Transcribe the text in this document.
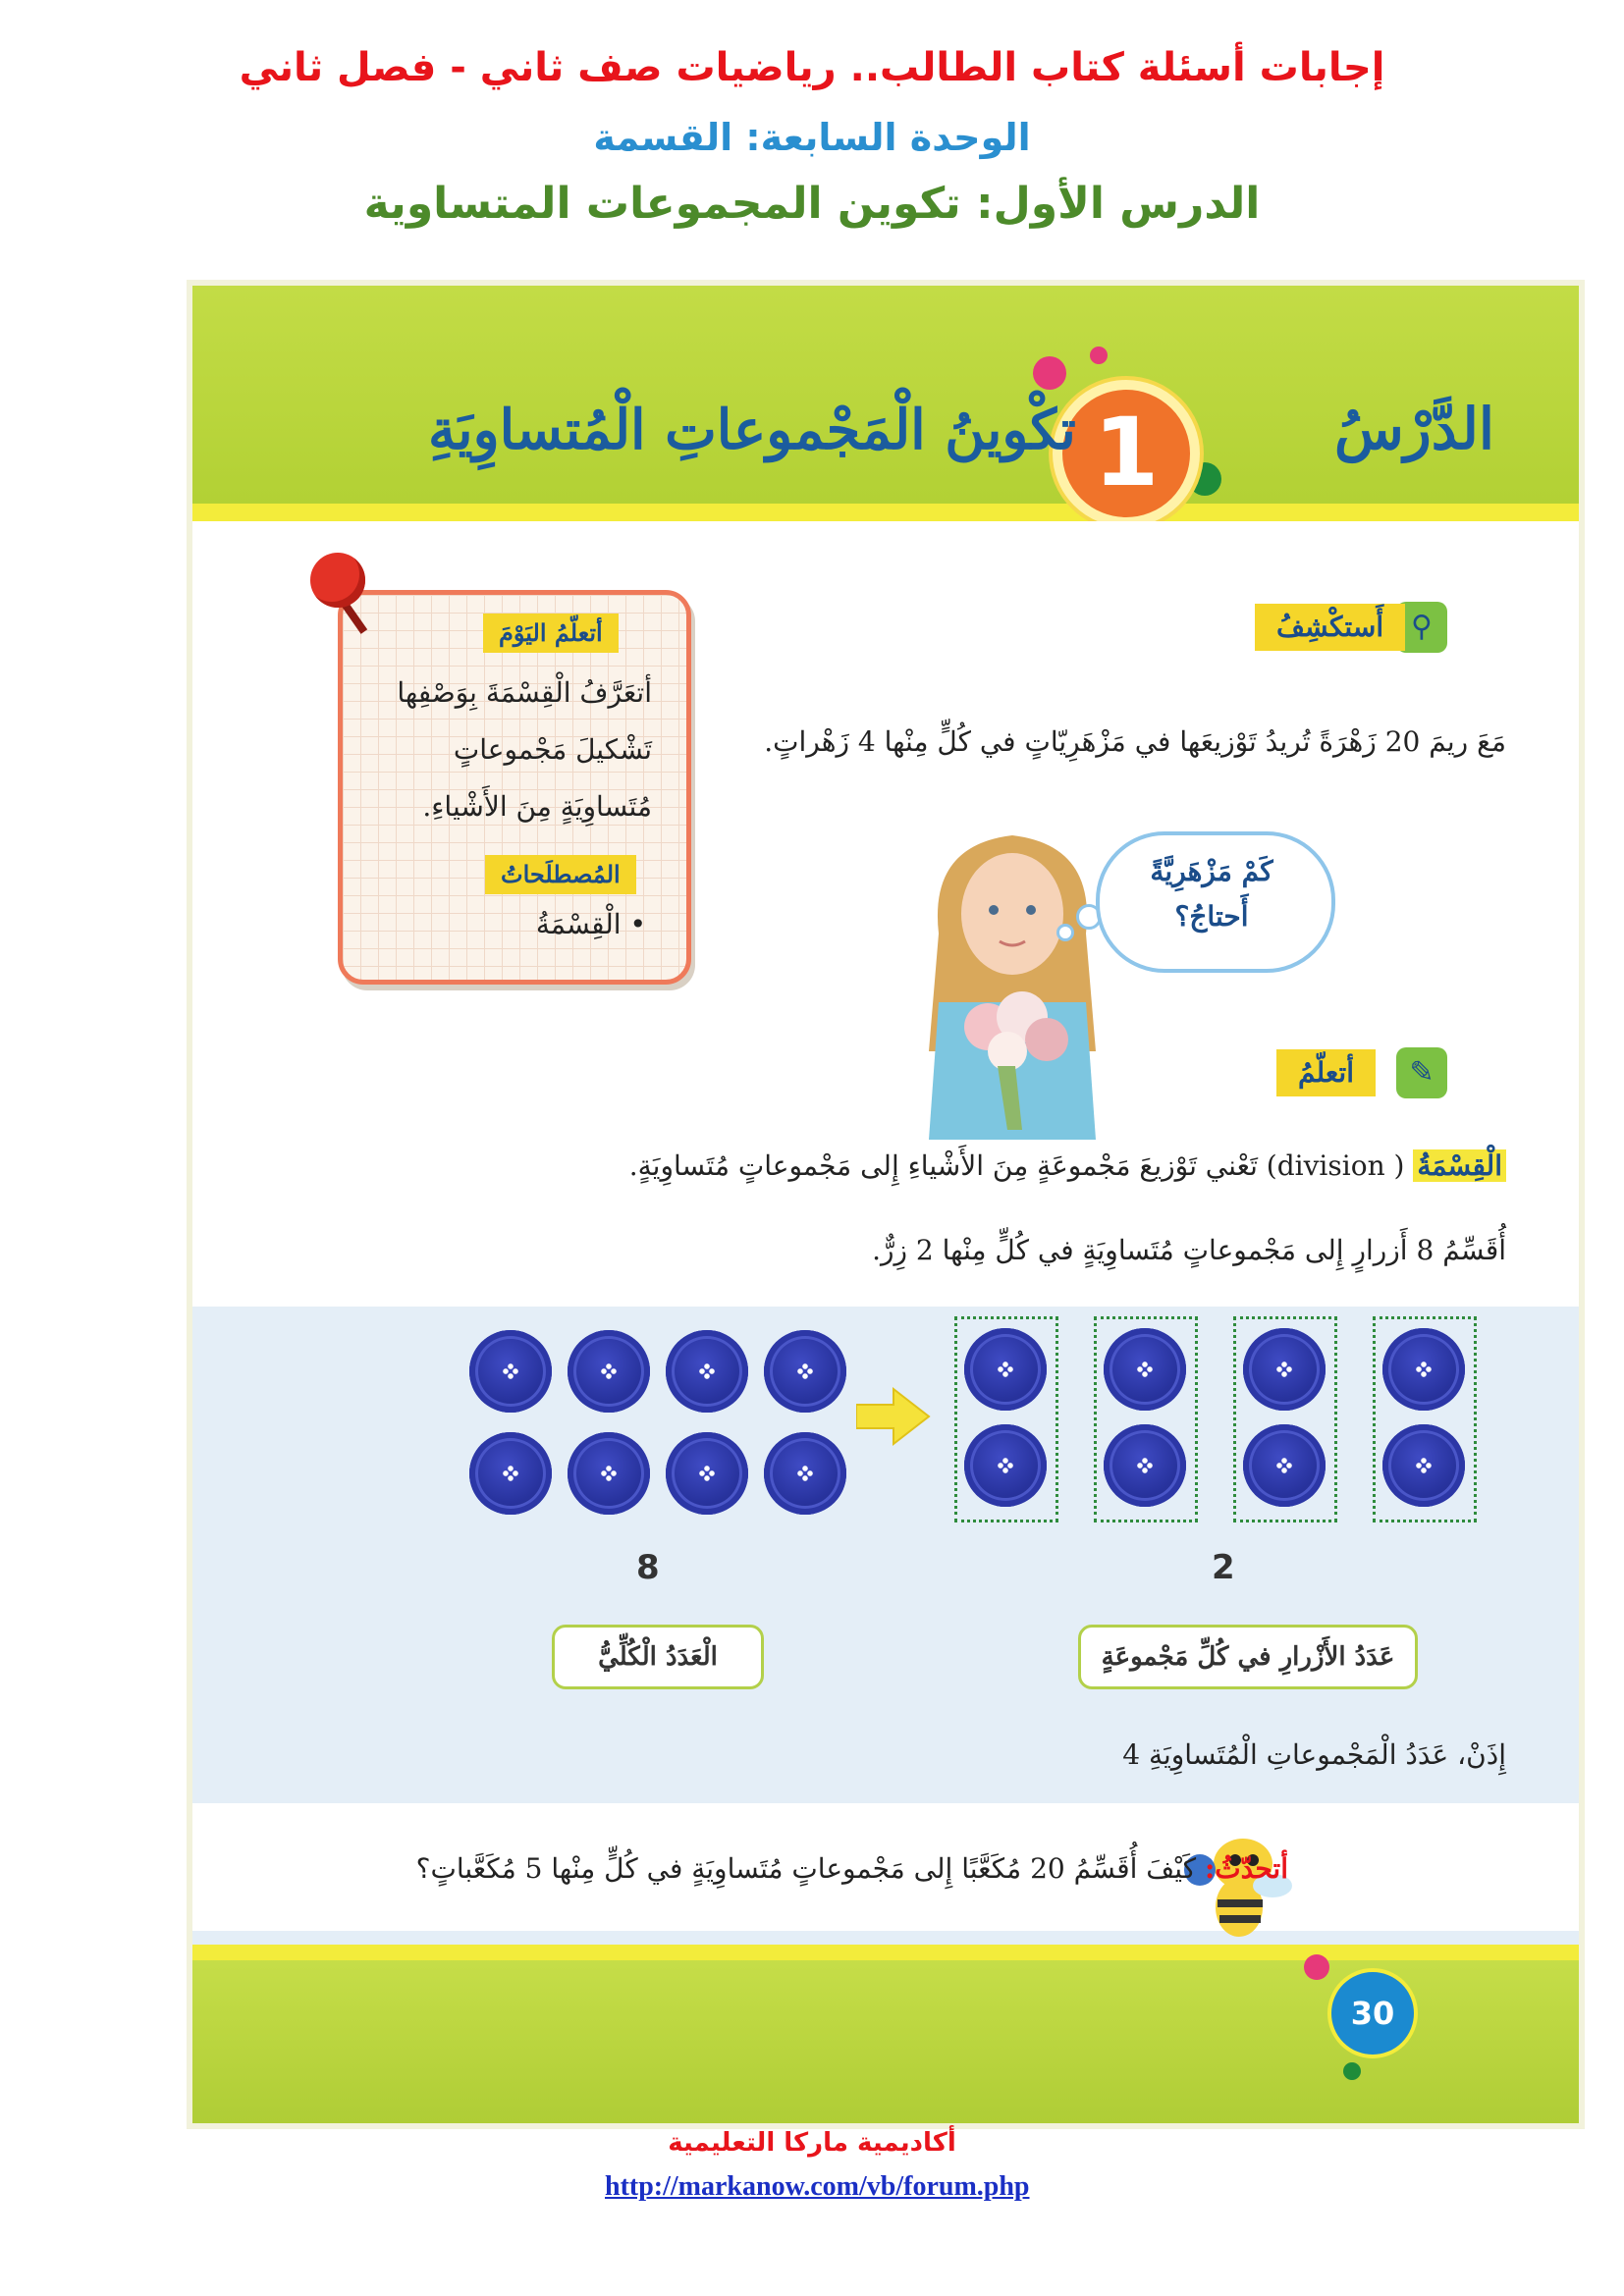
إجابات أسئلة كتاب الطالب.. رياضيات صف ثاني - فصل ثاني
الوحدة السابعة: القسمة
الدرس الأول: تكوين المجموعات المتساوية
الدَّرْسُ
1
تكْوينُ الْمَجْموعاتِ الْمُتساوِيَةِ
⚲
أَستكْشِفُ
مَعَ ريمَ 20 زَهْرَةً تُريدُ تَوْزيعَها في مَزْهَرِيّاتٍ في كُلٍّ مِنْها 4 زَهْراتٍ.
كَمْ مَزْهَرِيَّةً
أَحتاجُ؟
أتعلّمُ اليَوْمَ
أتعَرَّفُ الْقِسْمَةَ بِوَصْفِها
تَشْكيلَ مَجْموعاتٍ
مُتَساوِيَةٍ مِنَ الأَشْياءِ.
المُصطلَحاتُ
• الْقِسْمَةُ
✎
أتعلّمُ
الْقِسْمَةُ ( division) تَعْني تَوْزيعَ مَجْموعَةٍ مِنَ الأَشْياءِ إِلى مَجْموعاتٍ مُتَساوِيَةٍ.
أُقَسِّمُ 8 أَزرارٍ إِلى مَجْموعاتٍ مُتَساوِيَةٍ في كُلٍّ مِنْها 2 زِرٌّ.
8	2
الْعَدَدُ الْكُلِّيُّ	عَدَدُ الأَزْرارِ في كُلِّ مَجْموعَةٍ
إِذَنْ، عَدَدُ الْمَجْموعاتِ الْمُتَساوِيَةِ 4
أتحدّثُ: كَيْفَ أُقَسِّمُ 20 مُكَعَّبًا إِلى مَجْموعاتٍ مُتَساوِيَةٍ في كُلٍّ مِنْها 5 مُكَعَّباتٍ؟
30
أكاديمية ماركا التعليمية
http://markanow.com/vb/forum.php
